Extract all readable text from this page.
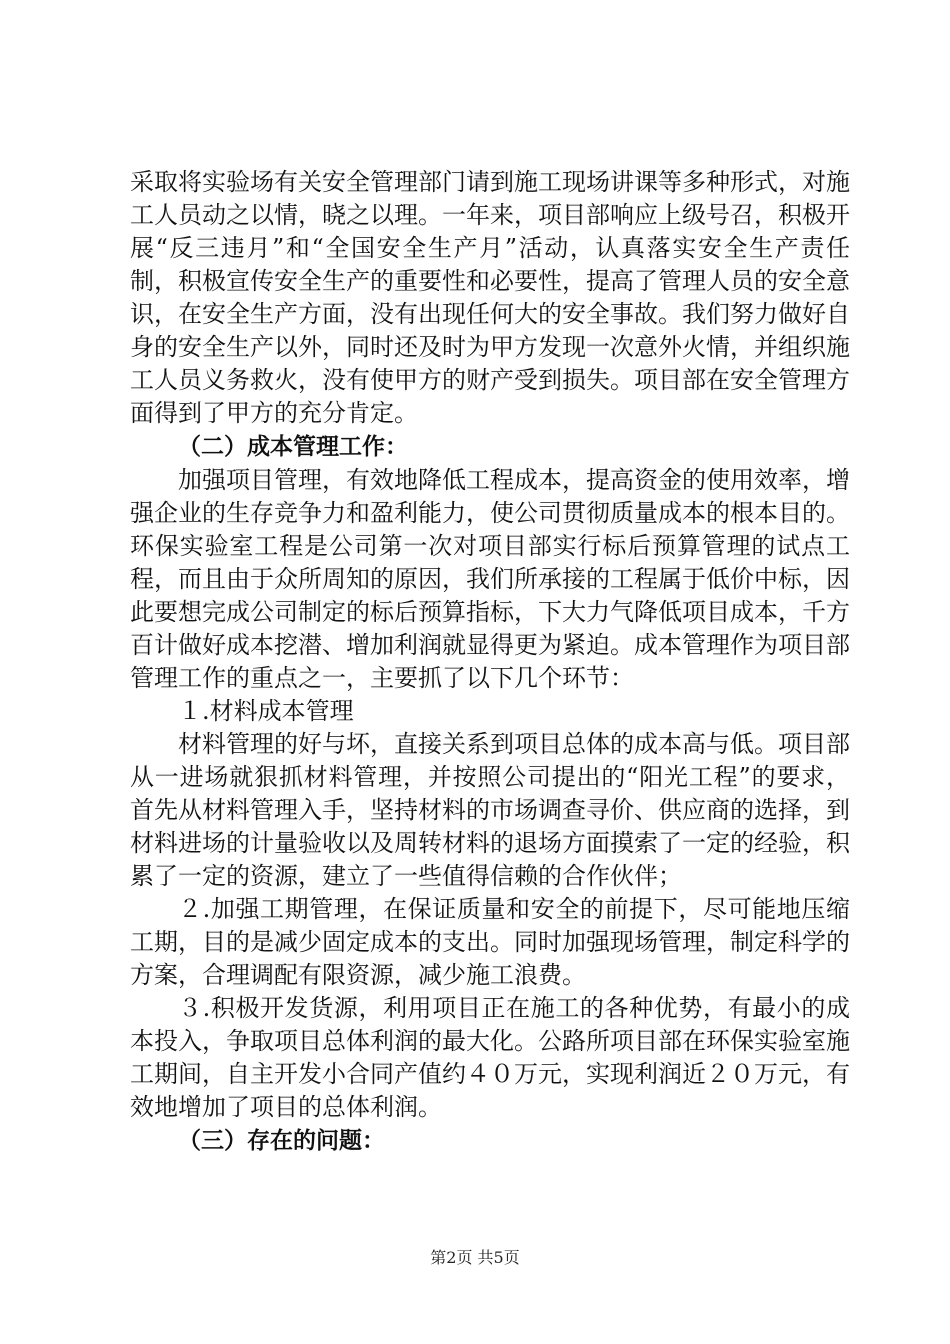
采取将实验场有关安全管理部门请到施工现场讲课等多种形式，对施工人员动之以情，晓之以理。一年来，项目部响应上级号召，积极开展“反三违月”和“全国安全生产月”活动，认真落实安全生产责任制，积极宣传安全生产的重要性和必要性，提高了管理人员的安全意识，在安全生产方面，没有出现任何大的安全事故。我们努力做好自身的安全生产以外，同时还及时为甲方发现一次意外火情，并组织施工人员义务救火，没有使甲方的财产受到损失。项目部在安全管理方面得到了甲方的充分肯定。

（二）成本管理工作：

加强项目管理，有效地降低工程成本，提高资金的使用效率，增强企业的生存竞争力和盈利能力，使公司贯彻质量成本的根本目的。环保实验室工程是公司第一次对项目部实行标后预算管理的试点工程，而且由于众所周知的原因，我们所承接的工程属于低价中标，因此要想完成公司制定的标后预算指标，下大力气降低项目成本，千方百计做好成本挖潜、增加利润就显得更为紧迫。成本管理作为项目部管理工作的重点之一，主要抓了以下几个环节：

１.材料成本管理

材料管理的好与坏，直接关系到项目总体的成本高与低。项目部从一进场就狠抓材料管理，并按照公司提出的“阳光工程”的要求，首先从材料管理入手，坚持材料的市场调查寻价、供应商的选择，到材料进场的计量验收以及周转材料的退场方面摸索了一定的经验，积累了一定的资源，建立了一些值得信赖的合作伙伴；

２.加强工期管理，在保证质量和安全的前提下，尽可能地压缩工期，目的是减少固定成本的支出。同时加强现场管理，制定科学的方案，合理调配有限资源，减少施工浪费。

３.积极开发货源，利用项目正在施工的各种优势，有最小的成本投入，争取项目总体利润的最大化。公路所项目部在环保实验室施工期间，自主开发小合同产值约４０万元，实现利润近２０万元，有效地增加了项目的总体利润。

（三）存在的问题：

第2页 共5页
